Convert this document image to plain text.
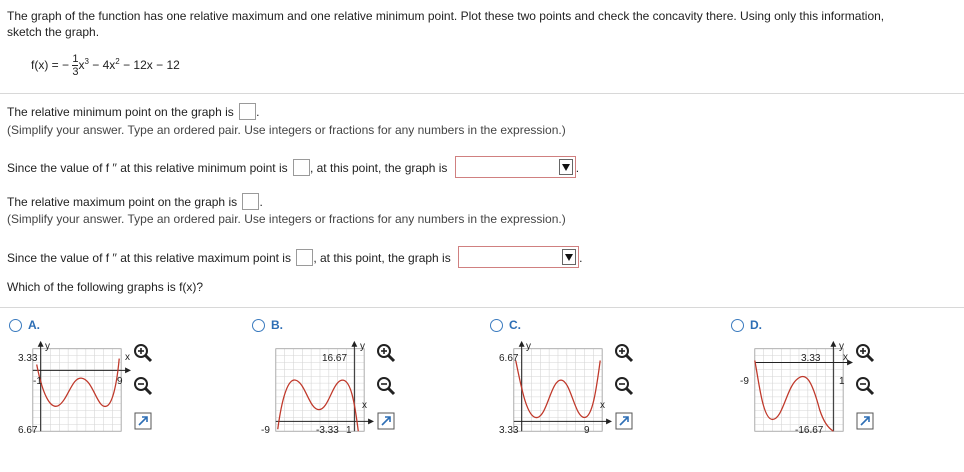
The graph of the function has one relative maximum and one relative minimum point. Plot these two points and check the concavity there. Using only this information,
sketch the graph.
f(x) = − $\frac{1}{3} x^3 - 4x^2 - 12x - 12$
The relative minimum point on the graph is .
(Simplify your answer. Type an ordered pair. Use integers or fractions for any numbers in the expression.)
Since the value of f ′′ at this relative minimum point is , at this point, the graph is	.
The relative maximum point on the graph is .
(Simplify your answer. Type an ordered pair. Use integers or fractions for any numbers in the expression.)
Since the value of f ′′ at this relative maximum point is , at this point, the graph is	.
Which of the following graphs is f(x)?
A.
3.33
6.67
-1	9
y
x
B.
16.67
-3.33
-9	1
y
x
C.
6.67
3.33	9
y
x
D.
3.33
-16.67
-9	1
y
x
